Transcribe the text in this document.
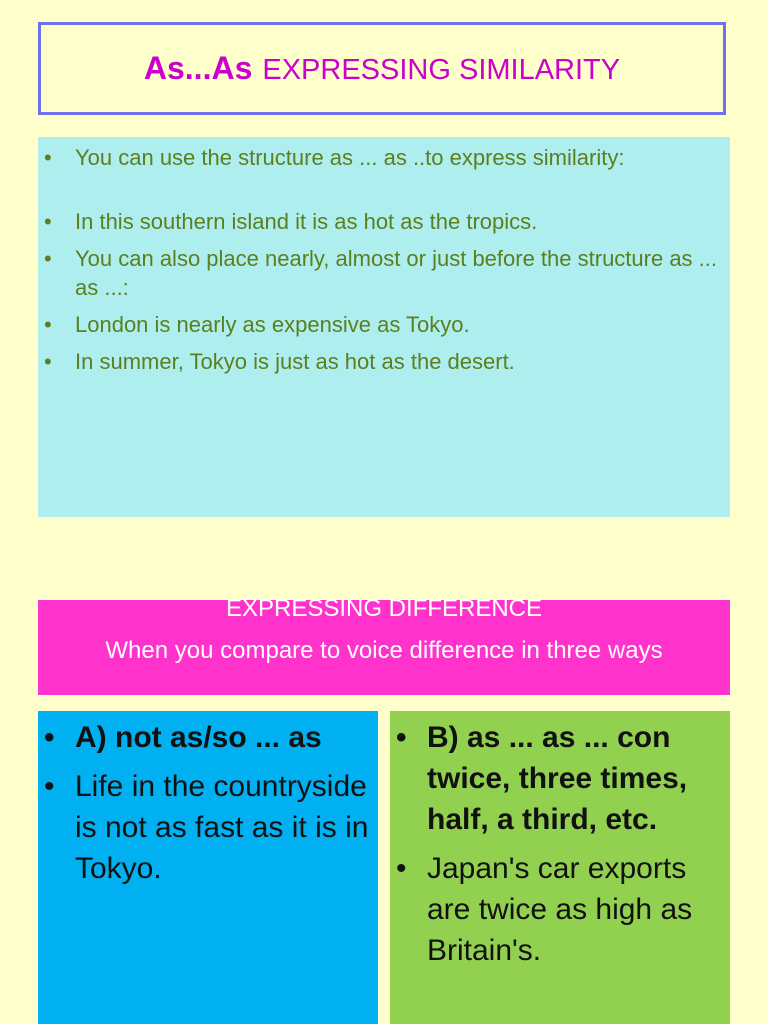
As...As EXPRESSING SIMILARITY
• You can use the structure as ... as ..to express similarity:
• In this southern island it is as hot as the tropics.
• You can also place nearly, almost or just before the structure as ... as ...:
• London is nearly as expensive as Tokyo.
• In summer, Tokyo is just as hot as the desert.
EXPRESSING DIFFERENCE
When you compare to voice difference in three ways
• A) not as/so ... as
• Life in the countryside is not as fast as it is in Tokyo.
• B) as ... as ... con twice, three times, half, a third, etc.
• Japan's car exports are twice as high as Britain's.
